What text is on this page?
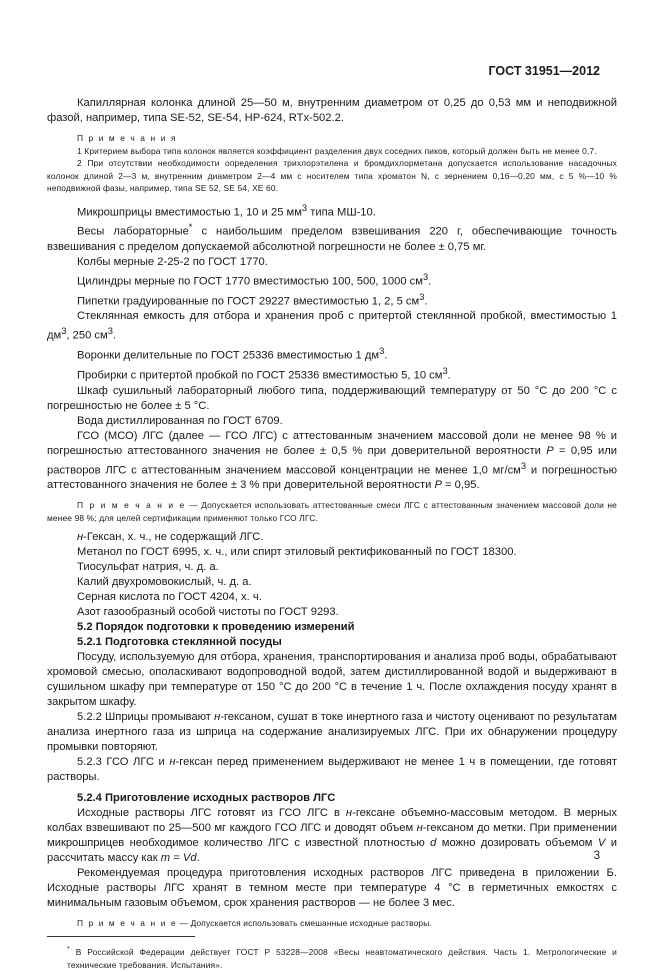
ГОСТ 31951—2012

Капиллярная колонка длиной 25—50 м, внутренним диаметром от 0,25 до 0,53 мм и неподвижной фазой, например, типа SE-52, SE-54, HP-624, RTx-502.2.

П р и м е ч а н и я

1 Критерием выбора типа колонок является коэффициент разделения двух соседних пиков, который должен быть не менее 0,7.

2 При отсутствии необходимости определения трихлорэтилена и бромдихлорметана допускается использование насадочных колонок длиной 2—3 м, внутренним диаметром 2—4 мм с носителем типа хроматон N, с зернением 0,16—0,20 мм, с 5 %—10 % неподвижной фазы, например, типа SE 52, SE 54, XE 60.

Микрошприцы вместимостью 1, 10 и 25 $мм^3$ типа МШ-10.

Весы лабораторные* с наибольшим пределом взвешивания 220 г, обеспечивающие точность взвешивания с пределом допускаемой абсолютной погрешности не более ± 0,75 мг.

Колбы мерные 2-25-2 по ГОСТ 1770.

Цилиндры мерные по ГОСТ 1770 вместимостью 100, 500, 1000 $см^3$.

Пипетки градуированные по ГОСТ 29227 вместимостью 1, 2, 5 $см^3$.

Стеклянная емкость для отбора и хранения проб с притертой стеклянной пробкой, вместимостью 1 $дм^3$, 250 $см^3$.

Воронки делительные по ГОСТ 25336 вместимостью 1 $дм^3$.

Пробирки с притертой пробкой по ГОСТ 25336 вместимостью 5, 10 $см^3$.

Шкаф сушильный лабораторный любого типа, поддерживающий температуру от 50 °С до 200 °С с погрешностью не более ± 5 °С.

Вода дистиллированная по ГОСТ 6709.

ГСО (МСО) ЛГС (далее — ГСО ЛГС) с аттестованным значением массовой доли не менее 98 % и погрешностью аттестованного значения не более ± 0,5 % при доверительной вероятности P = 0,95 или растворов ЛГС с аттестованным значением массовой концентрации не менее 1,0 $мг/см^3$ и погрешностью аттестованного значения не более ± 3 % при доверительной вероятности P = 0,95.

П р и м е ч а н и е — Допускается использовать аттестованные смеси ЛГС с аттестованным значением массовой доли не менее 98 %; для целей сертификации применяют только ГСО ЛГС.

н-Гексан, х. ч., не содержащий ЛГС.

Метанол по ГОСТ 6995, х. ч., или спирт этиловый ректификованный по ГОСТ 18300.

Тиосульфат натрия, ч. д. а.

Калий двухромовокислый, ч. д. а.

Серная кислота по ГОСТ 4204, х. ч.

Азот газообразный особой чистоты по ГОСТ 9293.

5.2 Порядок подготовки к проведению измерений

5.2.1 Подготовка стеклянной посуды

Посуду, используемую для отбора, хранения, транспортирования и анализа проб воды, обрабатывают хромовой смесью, ополаскивают водопроводной водой, затем дистиллированной водой и выдерживают в сушильном шкафу при температуре от 150 °С до 200 °С в течение 1 ч. После охлаждения посуду хранят в закрытом шкафу.

5.2.2 Шприцы промывают н-гексаном, сушат в токе инертного газа и чистоту оценивают по результатам анализа инертного газа из шприца на содержание анализируемых ЛГС. При их обнаружении процедуру промывки повторяют.

5.2.3 ГСО ЛГС и н-гексан перед применением выдерживают не менее 1 ч в помещении, где готовят растворы.

5.2.4 Приготовление исходных растворов ЛГС

Исходные растворы ЛГС готовят из ГСО ЛГС в н-гексане объемно-массовым методом. В мерных колбах взвешивают по 25—500 мг каждого ГСО ЛГС и доводят объем н-гексаном до метки. При применении микрошприцев необходимое количество ЛГС с известной плотностью d можно дозировать объемом V и рассчитать массу как m = Vd.

Рекомендуемая процедура приготовления исходных растворов ЛГС приведена в приложении Б. Исходные растворы ЛГС хранят в темном месте при температуре 4 °С в герметичных емкостях с минимальным газовым объемом, срок хранения растворов — не более 3 мес.

П р и м е ч а н и е — Допускается использовать смешанные исходные растворы.

* В Российской Федерации действует ГОСТ Р 53228—2008 «Весы неавтоматического действия. Часть 1. Метрологические и технические требования. Испытания».

3
